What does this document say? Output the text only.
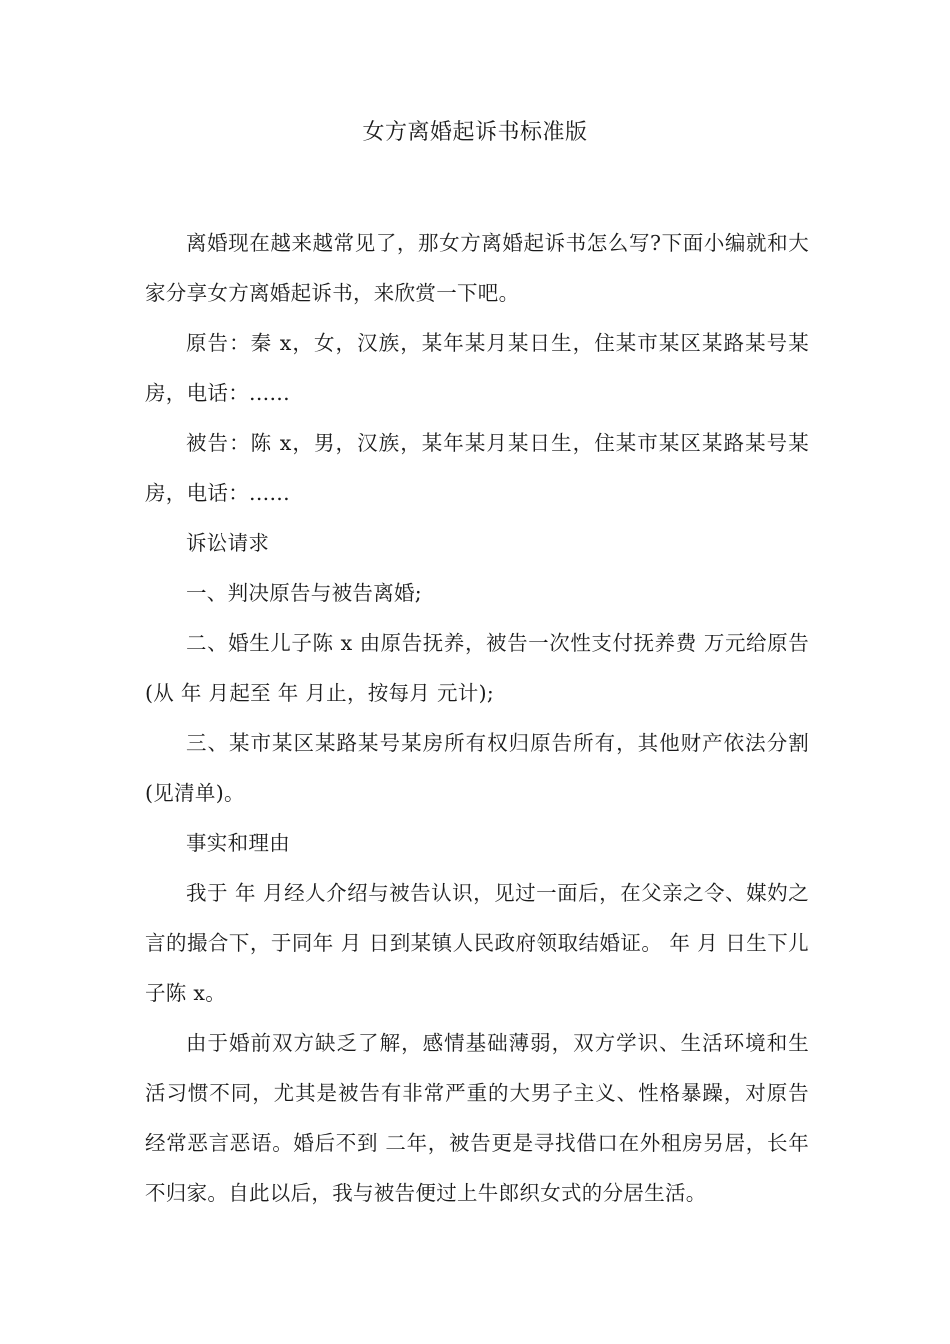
女方离婚起诉书标准版

离婚现在越来越常见了，那女方离婚起诉书怎么写?下面小编就和大家分享女方离婚起诉书，来欣赏一下吧。

原告：秦 x，女，汉族，某年某月某日生，住某市某区某路某号某房，电话：......

被告：陈 x，男，汉族，某年某月某日生，住某市某区某路某号某房，电话：......

诉讼请求

一、判决原告与被告离婚;

二、婚生儿子陈 x 由原告抚养，被告一次性支付抚养费 万元给原告(从 年 月起至 年 月止，按每月 元计);

三、某市某区某路某号某房所有权归原告所有，其他财产依法分割(见清单)。

事实和理由

我于 年 月经人介绍与被告认识，见过一面后，在父亲之令、媒妁之言的撮合下，于同年 月 日到某镇人民政府领取结婚证。 年 月 日生下儿子陈 x。

由于婚前双方缺乏了解，感情基础薄弱，双方学识、生活环境和生活习惯不同，尤其是被告有非常严重的大男子主义、性格暴躁，对原告经常恶言恶语。婚后不到 二年，被告更是寻找借口在外租房另居，长年不归家。自此以后，我与被告便过上牛郎织女式的分居生活。
